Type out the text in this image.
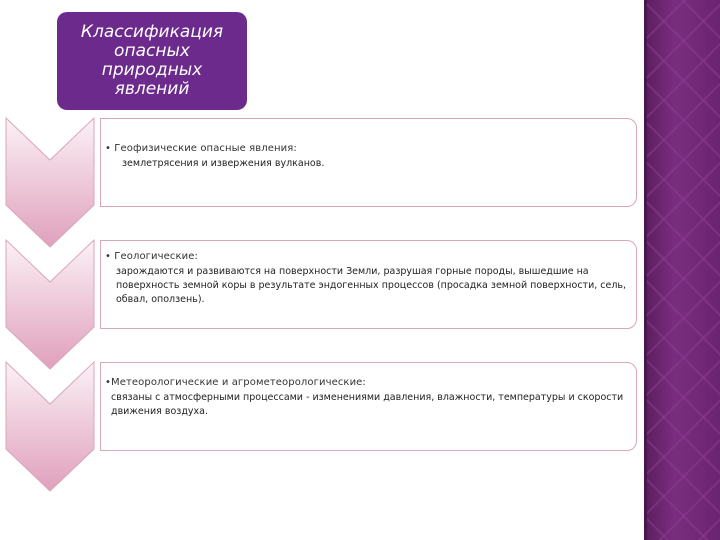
Классификация
опасных
природных
явлений
• Геофизические опасные явления:
землетрясения и извержения вулканов.
• Геологические:
зарождаются и развиваются на поверхности Земли, разрушая горные породы, вышедшие на поверхность земной коры в результате эндогенных процессов (просадка земной поверхности, сель, обвал, оползень).
•Метеорологические и агрометеорологические:
связаны с атмосферными процессами - изменениями давления, влажности, температуры и скорости движения воздуха.
